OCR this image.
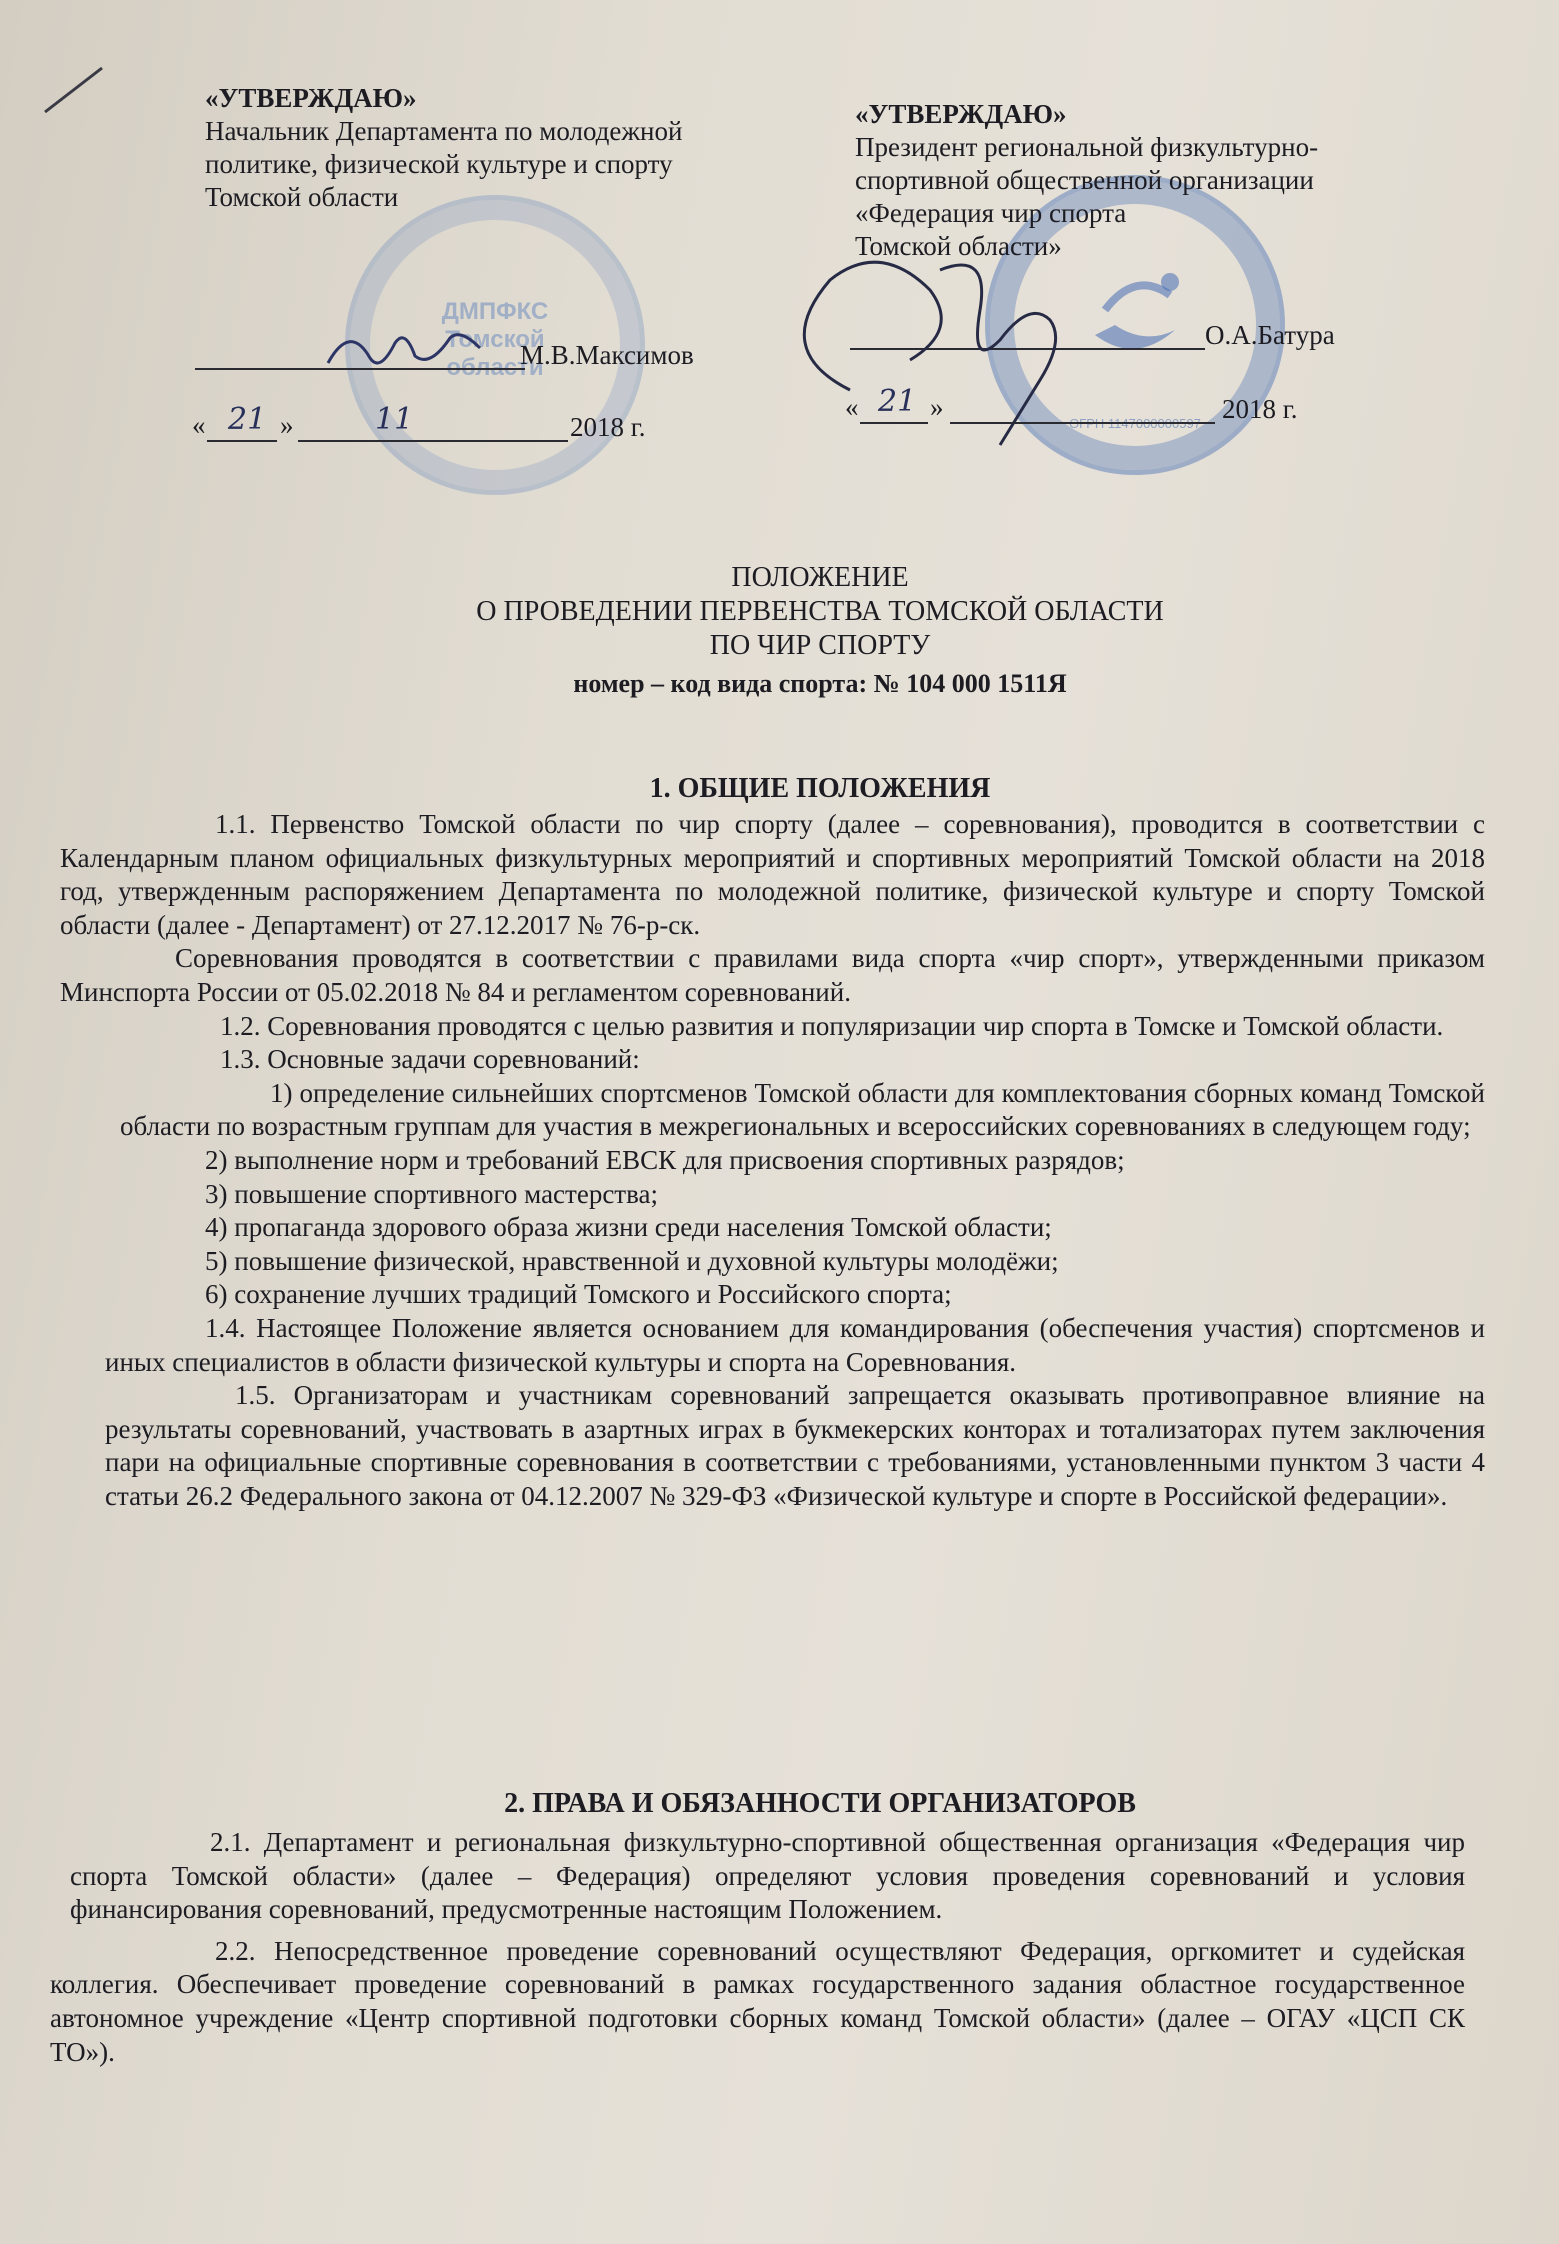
ДМПФКС
Томской
области
ОГРН 1147000000597
«УТВЕРЖДАЮ»
Начальник Департамента по молодежной
политике, физической культуре и спорту
Томской области
М.В.Максимов
« 21 »	11	2018 г.
«УТВЕРЖДАЮ»
Президент региональной физкультурно-
спортивной общественной организации
«Федерация чир спорта
Томской области»
О.А.Батура
« 21 »	2018 г.
ПОЛОЖЕНИЕ
О ПРОВЕДЕНИИ ПЕРВЕНСТВА ТОМСКОЙ ОБЛАСТИ
ПО ЧИР СПОРТУ
номер – код вида спорта: № 104 000 1511Я
1. ОБЩИЕ ПОЛОЖЕНИЯ

1.1. Первенство Томской области по чир спорту (далее – соревнования), проводится в соответствии с Календарным планом официальных физкультурных мероприятий и спортивных мероприятий Томской области на 2018 год, утвержденным распоряжением Департамента по молодежной политике, физической культуре и спорту Томской области (далее - Департамент) от 27.12.2017 № 76-р-ск.

Соревнования проводятся в соответствии с правилами вида спорта «чир спорт», утвержденными приказом Минспорта России от 05.02.2018 № 84 и регламентом соревнований.

1.2. Соревнования проводятся с целью развития и популяризации чир спорта в Томске и Томской области.

1.3. Основные задачи соревнований:

1) определение сильнейших спортсменов Томской области для комплектования сборных команд Томской области по возрастным группам для участия в межрегиональных и всероссийских соревнованиях в следующем году;

2) выполнение норм и требований ЕВСК для присвоения спортивных разрядов;

3) повышение спортивного мастерства;

4) пропаганда здорового образа жизни среди населения Томской области;

5) повышение физической, нравственной и духовной культуры молодёжи;

6) сохранение лучших традиций Томского и Российского спорта;

1.4. Настоящее Положение является основанием для командирования (обеспечения участия) спортсменов и иных специалистов в области физической культуры и спорта на Соревнования.

1.5. Организаторам и участникам соревнований запрещается оказывать противоправное влияние на результаты соревнований, участвовать в азартных играх в букмекерских конторах и тотализаторах путем заключения пари на официальные спортивные соревнования в соответствии с требованиями, установленными пунктом 3 части 4 статьи 26.2 Федерального закона от 04.12.2007 № 329-ФЗ «Физической культуре и спорте в Российской федерации».

2. ПРАВА И ОБЯЗАННОСТИ ОРГАНИЗАТОРОВ

2.1. Департамент и региональная физкультурно-спортивной общественная организация «Федерация чир спорта Томской области» (далее – Федерация) определяют условия проведения соревнований и условия финансирования соревнований, предусмотренные настоящим Положением.

2.2. Непосредственное проведение соревнований осуществляют Федерация, оргкомитет и судейская коллегия. Обеспечивает проведение соревнований в рамках государственного задания областное государственное автономное учреждение «Центр спортивной подготовки сборных команд Томской области» (далее – ОГАУ «ЦСП СК ТО»).
